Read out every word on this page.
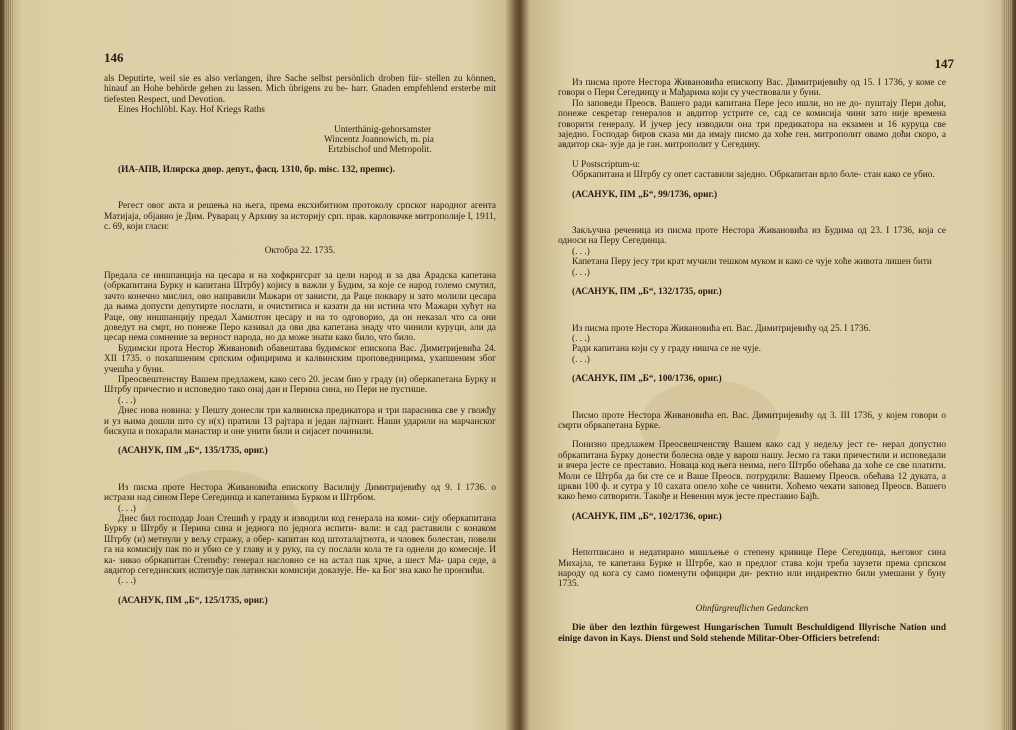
146

als Deputirte, weil sie es also verlangen, ihre Sache selbst persönlich droben für- stellen zu können, hinauf an Hohe behörde gehen zu lassen. Mich übrigens zu be- harr. Gnaden empfehlend ersterbe mit tiefesten Respect, und Devotion.

Eines Hochlöbl. Kay. Hof Kriegs Raths

Unterthänig-gehorsamster

Wincentz Joannowich, m. pia

Ertzbischof und Metropolit.

(ИА-АПВ, Илирска двор. депут., фасц. 1310, бр. misc. 132, препис).

Регест овог акта и решења на њега, према ексхибитном протоколу српског народног агента Матијаја, објавио је Дим. Руварац у Архиву за историју срп. прав. карловачке митрополије I, 1911, с. 69, који гласи:

Октобра 22. 1735.

Предала се иншпанција на цесара и на хофкригсрат за цели народ и за два Арадска капетана (обркапитана Бурку и капитана Штрбу) којису в важли у Будим, за које се народ големо смутил, зачто конечно мислил, ово направили Мажари от зависти, да Раце поквару и зато молили цесара да њима допусти депутирте послати, и очиститиса и казати да ни истина что Мажари хућут на Раце, ову иншпанцију предал Хамилтон цесару и на то одговорио, да он неказал что са они доведут на смрт, но понеже Перо казивал да ови два капетана знаду что чинили куруци, али да цесар нема сомнение за верност народа, но да може знати како било, что било.

Будимски прота Нестор Живановић обавештава будимског епископа Вас. Димитријевића 24. XII 1735. о похапшеним српским официрима и калвинским проповедницима, ухапшеним због учешћа у буни.

Преосвештенству Вашем предлажем, како сего 20. јесам био у граду (и) оберкапетана Бурку и Штрбу причестио и исповедио тако онај дан и Перина сина, но Пери не пустише.

(. . .)

Днес нова новина: у Пешту донесли три калвинска предикатора и три парасника све у гвожђу и уз њима дошли што су н(х) пратили 13 рајтара и један лајтнант. Наши ударили на марчанског бискупа и похарали манастир и оне унити били и сијасет починили.

(АСАНУК, ПМ „Б“, 135/1735, ориг.)

Из писма проте Нестора Живановића епископу Василију Димитријевићу од 9. I 1736. о истрази над сином Пере Сегединца и капетанима Бурком и Штрбом.

(. . .)

Днес бил господар Јоан Стешић у граду и изводили код генерала на коми- сију оберкапитана Бурку и Штрбу и Перина сина и једнога по једнога испити- вали: и сад раставили с конаком Штрбу (и) метнули у вељу стражу, а обер- капитан код штоталајтнота, и чловек болестан, повели га на комисију пак по и убио се у главу и у руку, па су послали кола те га однели до комесије. И ка- зивао обркапитан Степићу: генерал насловно се на астал пак хрче, а шест Ма- џара седе, а авдитор сегединских испитује пак латински комисији доказује. Не- ка Бог зна како ће пронзићи.

(. . .)

(АСАНУК, ПМ „Б“, 125/1735, ориг.)

147

Из писма проте Нестора Живановића епископу Вас. Димитријевићу од 15. I 1736, у коме се говори о Пери Сегединцу и Мађарима који су учествовали у буни.

По заповеди Преосв. Вашего ради капитана Пере јесо ишли, но не до- пуштају Пери доћи, понеже секретар генералов и авдитор устрите се, сад се комисија чини зато ниje времена говорити генералу. И јучер јесу изводили она три предикатора на екзамен и 16 куруца све заједно. Господар биров сказа ми да имају писмо да хоће ген. митрополит овамо доћи скоро, а авдитор ска- зује да је ган. митрополит у Сегедину.

U Postscriptum-u:

Обркапитана и Штрбу су опет саставили заједно. Обркапитан врло боле- стан како се убио.

(АСАНУК, ПМ „Б“, 99/1736, ориг.)

Закључна реченица из писма проте Нестора Живановића из Будима од 23. I 1736, која се односи на Перу Сегединца.

(. . .)

Капетана Перу јесу три крат мучили тешком муком и како се чује хоће живота лишен бити

(. . .)

(АСАНУК, ПМ „Б“, 132/1735, ориг.)

Из писма проте Нестора Живановића еп. Вас. Димитријевићу од 25. I 1736.

(. . .)

Ради капитана који су у граду нишча се не чује.

(. . .)

(АСАНУК, ПМ „Б“, 100/1736, ориг.)

Писмо проте Нестора Живановића еп. Вас. Димитријевићу од 3. III 1736, у којем говори о смрти обркапетана Бурке.

Понизно предлажем Преосвешченству Вашем како сад у недељу јест ге- нерал допустио обркапитана Бурку донести болесна овде у варош нашу. Јесмо га таки причестили и исповедали и вчера јесте се преставио. Новаца код њега неима, него Штрбо обећава да хоће се све платити. Моли се Штрба да би сте се и Ваше Преосв. потрудили: Вашему Преосв. обећава 12 дуката, а цркви 100 ф. и сутра у 10 сахата опело хоће се чинити. Хоћемо чекати заповед Преосв. Вашего како ћемо сатворити. Такође и Невенин муж јесте преставио Бајћ.

(АСАНУК, ПМ „Б“, 102/1736, ориг.)

Непотписано и недатирано мишљење о степену кривице Пере Сегединца, његовог сина Михајла, те капетана Бурке и Штрбе, као и предлог става који треба заузети према српском народу од кога су само поменути официри ди- ректно или индиректно били умешани у буну 1735.

Ohnfürgreuflichen Gedancken

Die über den lezthin fürgewest Hungarischen Tumult Beschuldigend Illyrische Nation und einige davon in Kays. Dienst und Sold stehende Militar-Ober-Officiers betrefend:
